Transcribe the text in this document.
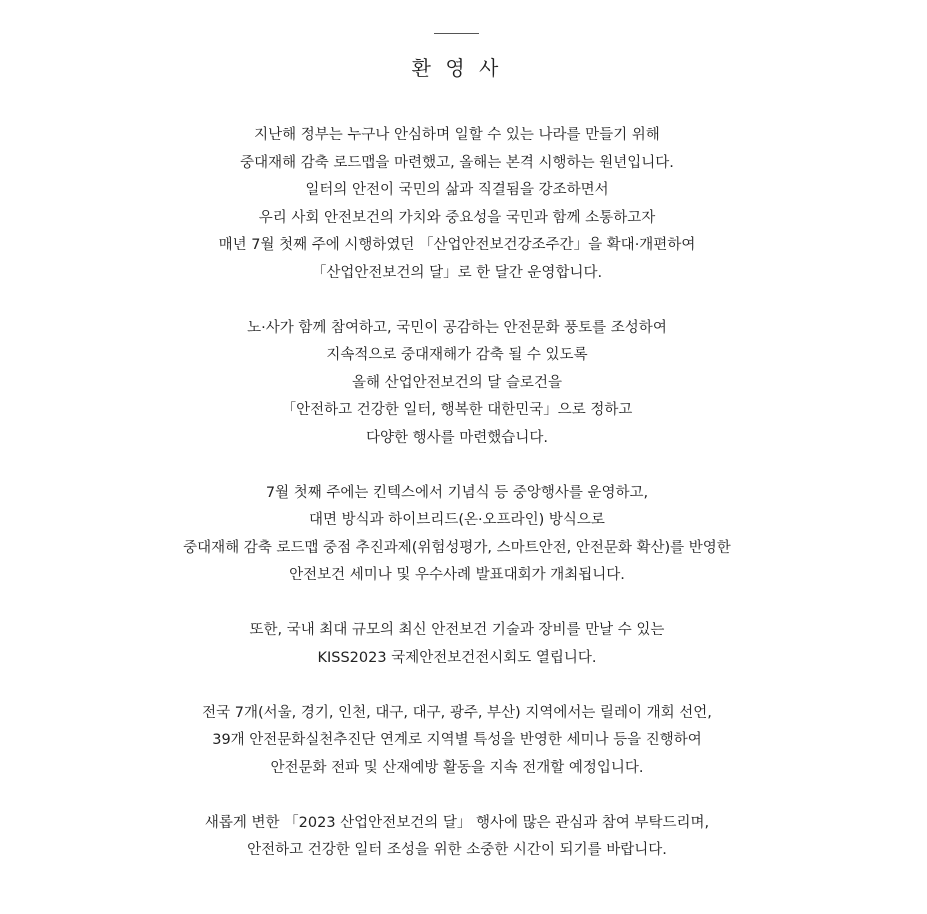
환 영 사
지난해 정부는 누구나 안심하며 일할 수 있는 나라를 만들기 위해
중대재해 감축 로드맵을 마련했고, 올해는 본격 시행하는 원년입니다.
일터의 안전이 국민의 삶과 직결됨을 강조하면서
우리 사회 안전보건의 가치와 중요성을 국민과 함께 소통하고자
매년 7월 첫째 주에 시행하였던 「산업안전보건강조주간」을 확대·개편하여
「산업안전보건의 달」로 한 달간 운영합니다.
노·사가 함께 참여하고, 국민이 공감하는 안전문화 풍토를 조성하여
지속적으로 중대재해가 감축 될 수 있도록
올해 산업안전보건의 달 슬로건을
「안전하고 건강한 일터, 행복한 대한민국」으로 정하고
다양한 행사를 마련했습니다.
7월 첫째 주에는 킨텍스에서 기념식 등 중앙행사를 운영하고,
대면 방식과 하이브리드(온·오프라인) 방식으로
중대재해 감축 로드맵 중점 추진과제(위험성평가, 스마트안전, 안전문화 확산)를 반영한
안전보건 세미나 및 우수사례 발표대회가 개최됩니다.
또한, 국내 최대 규모의 최신 안전보건 기술과 장비를 만날 수 있는
KISS2023 국제안전보건전시회도 열립니다.
전국 7개(서울, 경기, 인천, 대구, 대구, 광주, 부산) 지역에서는 릴레이 개회 선언,
39개 안전문화실천추진단 연계로 지역별 특성을 반영한 세미나 등을 진행하여
안전문화 전파 및 산재예방 활동을 지속 전개할 예정입니다.
새롭게 변한 「2023 산업안전보건의 달」 행사에 많은 관심과 참여 부탁드리며,
안전하고 건강한 일터 조성을 위한 소중한 시간이 되기를 바랍니다.
